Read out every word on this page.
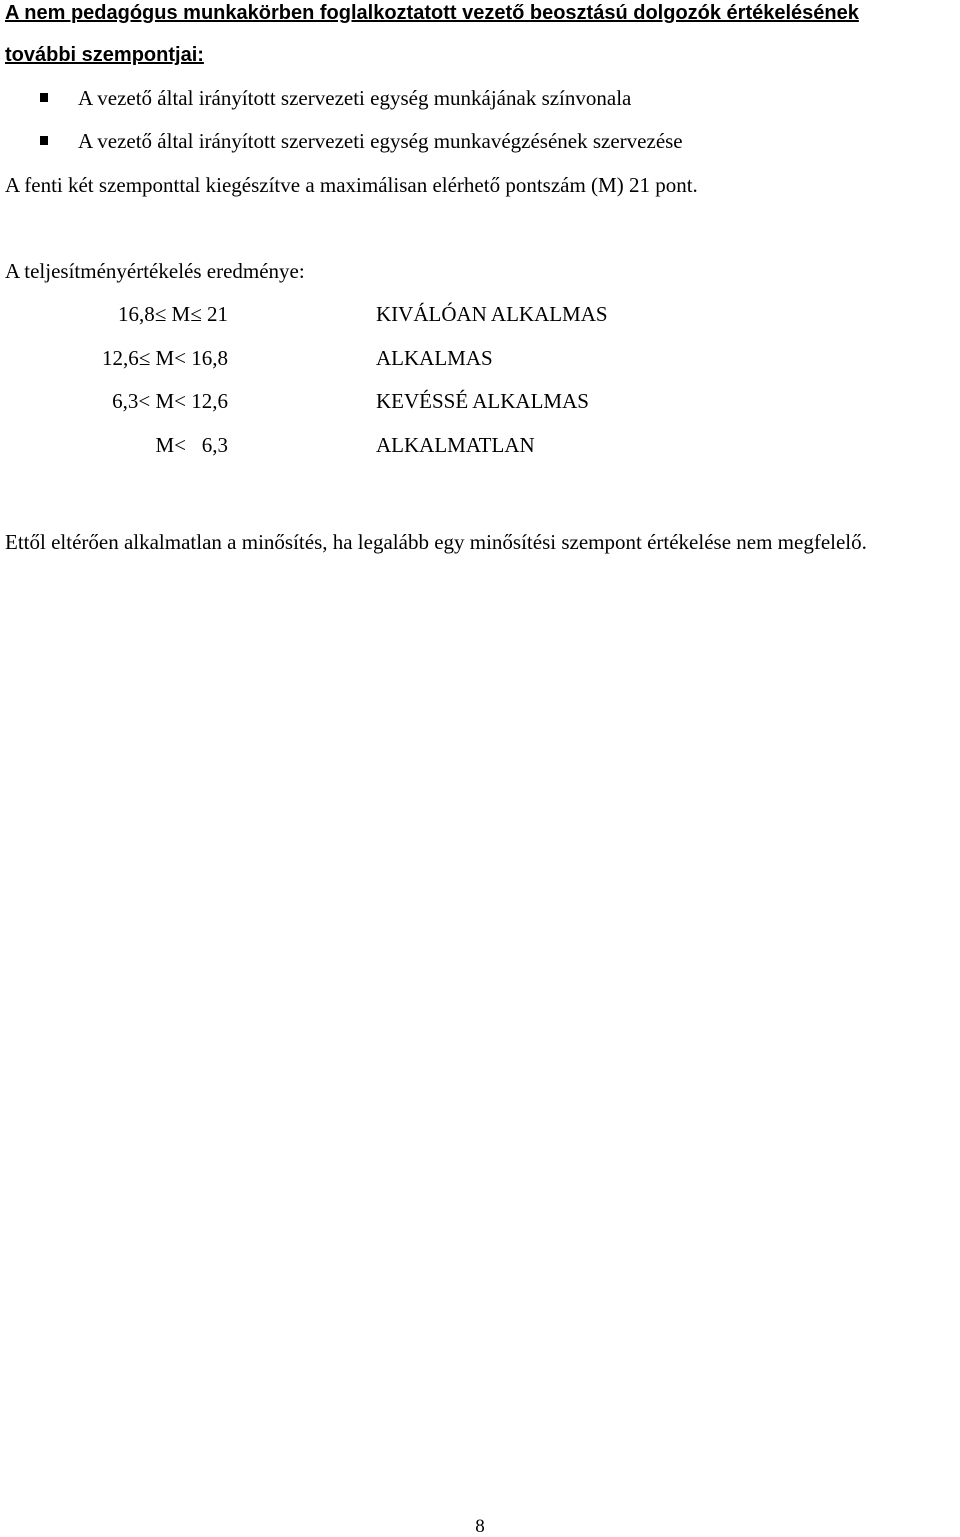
A nem pedagógus munkakörben foglalkoztatott vezető beosztású dolgozók értékelésének
további szempontjai:
A vezető által irányított szervezeti egység munkájának színvonala
A vezető által irányított szervezeti egység munkavégzésének szervezése
A fenti két szemponttal kiegészítve a maximálisan elérhető pontszám (M) 21 pont.
A teljesítményértékelés eredménye:
16,8≤ M≤ 21	KIVÁLÓAN ALKALMAS
12,6≤ M< 16,8	ALKALMAS
6,3< M< 12,6	KEVÉSSÉ ALKALMAS
M<   6,3	ALKALMATLAN
Ettől eltérően alkalmatlan a minősítés, ha legalább egy minősítési szempont értékelése nem megfelelő.
8
